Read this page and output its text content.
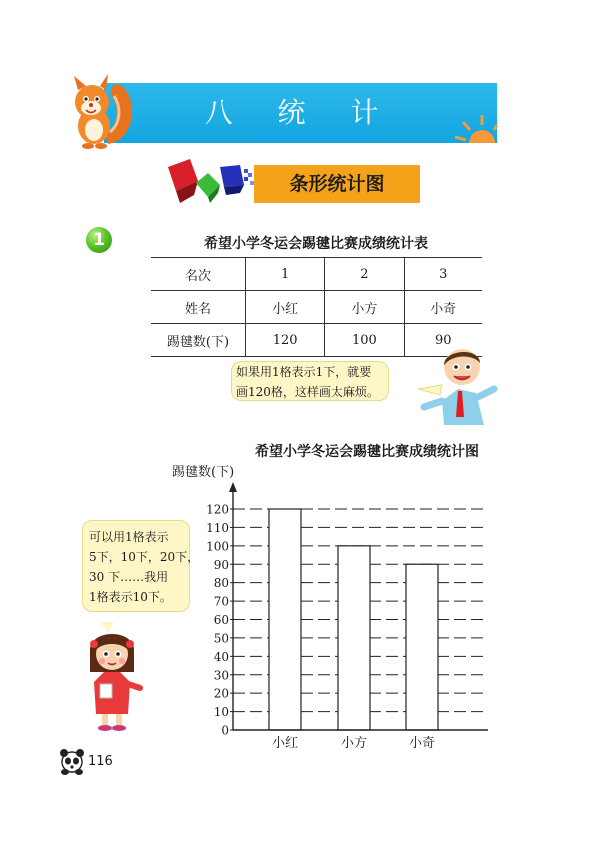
八 统 计
条形统计图
1	希望小学冬运会踢毽比赛成绩统计表
名次	1	2	3
姓名	小红	小方	小奇
踢毽数(下)	120	100	90
如果用1格表示1下，就要
画120格，这样画太麻烦。
希望小学冬运会踢毽比赛成绩统计图
踢毽数(下)
0
10
20
30
40
50
60
70
80
90
100
110
120
小红	小方	小奇
可以用1格表示
5下，10下，20下，
30 下……我用
1格表示10下。
116
